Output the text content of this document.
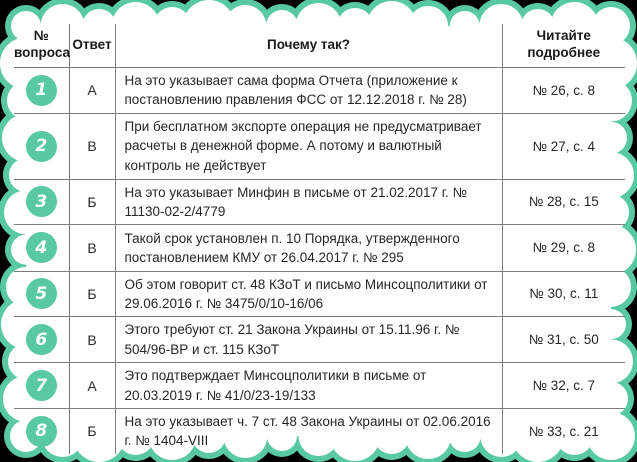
№ вопроса	Ответ	Почему так?	Читайте подробнее

1	А	На это указывает сама форма Отчета (приложение к постановлению правления ФСС от 12.12.2018 г. № 28)	№ 26, с. 8

2	В	При бесплатном экспорте операция не предусматривает расчеты в денежной форме. А потому и валютный контроль не действует	№ 27, с. 4

3	Б	На это указывает Минфин в письме от 21.02.2017 г. № 11130-02-2/4779	№ 28, с. 15

4	В	Такой срок установлен п. 10 Порядка, утвержденного постановлением КМУ от 26.04.2017 г. № 295	№ 29, с. 8

5	Б	Об этом говорит ст. 48 КЗоТ и письмо Минсоцполитики от 29.06.2016 г. № 3475/0/10-16/06	№ 30, с. 11

6	В	Этого требуют ст. 21 Закона Украины от 15.11.96 г. № 504/96-ВР и ст. 115 КЗоТ	№ 31, с. 50

7	А	Это подтверждает Минсоцполитики в письме от 20.03.2019 г. № 41/0/23-19/133	№ 32, с. 7

8	Б	На это указывает ч. 7 ст. 48 Закона Украины от 02.06.2016 г. № 1404-VIII	№ 33, с. 21
